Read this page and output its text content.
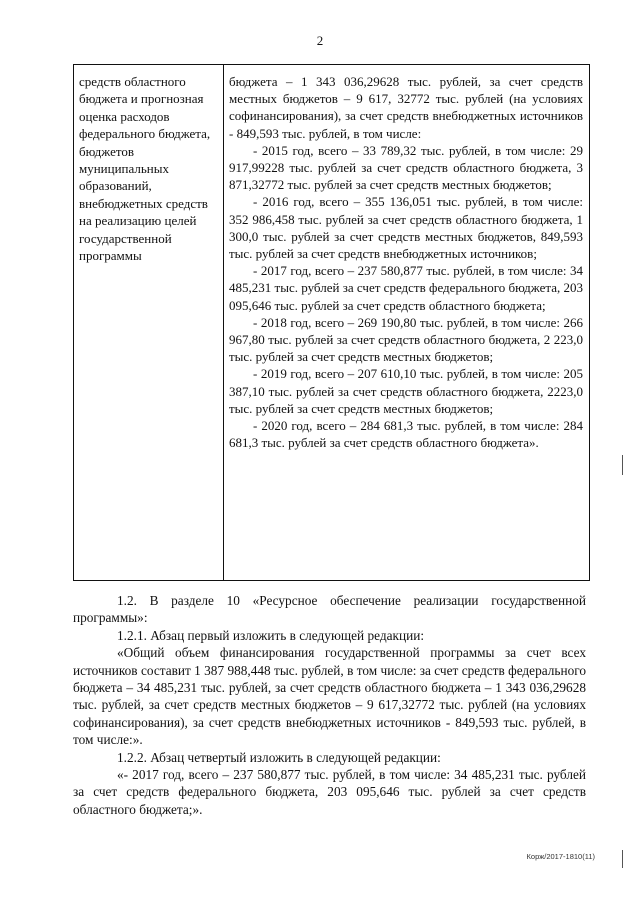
2
средств областного бюджета и прогнозная оценка расходов федерального бюджета, бюджетов муниципальных образований, внебюджетных средств на реализацию целей государственной программы

бюджета – 1 343 036,29628 тыс. рублей, за счет средств местных бюджетов – 9 617, 32772 тыс. рублей (на условиях софинансирования), за счет средств внебюджетных источников - 849,593 тыс. рублей, в том числе:

- 2015 год, всего – 33 789,32 тыс. рублей, в том числе: 29 917,99228 тыс. рублей за счет средств областного бюджета, 3 871,32772 тыс. рублей за счет средств местных бюджетов;

- 2016 год, всего – 355 136,051 тыс. рублей, в том числе: 352 986,458 тыс. рублей за счет средств областного бюджета, 1 300,0 тыс. рублей за счет средств местных бюджетов, 849,593 тыс. рублей за счет средств внебюджетных источников;

- 2017 год, всего – 237 580,877 тыс. рублей, в том числе: 34 485,231 тыс. рублей за счет средств федерального бюджета, 203 095,646 тыс. рублей за счет средств областного бюджета;

- 2018 год, всего – 269 190,80 тыс. рублей, в том числе: 266 967,80 тыс. рублей за счет средств областного бюджета, 2 223,0 тыс. рублей за счет средств местных бюджетов;

- 2019 год, всего – 207 610,10 тыс. рублей, в том числе: 205 387,10 тыс. рублей за счет средств областного бюджета, 2223,0 тыс. рублей за счет средств местных бюджетов;

- 2020 год, всего – 284 681,3 тыс. рублей, в том числе: 284 681,3 тыс. рублей за счет средств областного бюджета».

1.2. В разделе 10 «Ресурсное обеспечение реализации государственной программы»:

1.2.1. Абзац первый изложить в следующей редакции:

«Общий объем финансирования государственной программы за счет всех источников составит 1 387 988,448 тыс. рублей, в том числе: за счет средств федерального бюджета – 34 485,231 тыс. рублей, за счет средств областного бюджета – 1 343 036,29628 тыс. рублей, за счет средств местных бюджетов – 9 617,32772 тыс. рублей (на условиях софинансирования), за счет средств внебюджетных источников - 849,593 тыс. рублей, в том числе:».

1.2.2. Абзац четвертый изложить в следующей редакции:

«- 2017 год, всего – 237 580,877 тыс. рублей, в том числе: 34 485,231 тыс. рублей за счет средств федерального бюджета, 203 095,646 тыс. рублей за счет средств областного бюджета;».

Корж/2017-1810(11)
